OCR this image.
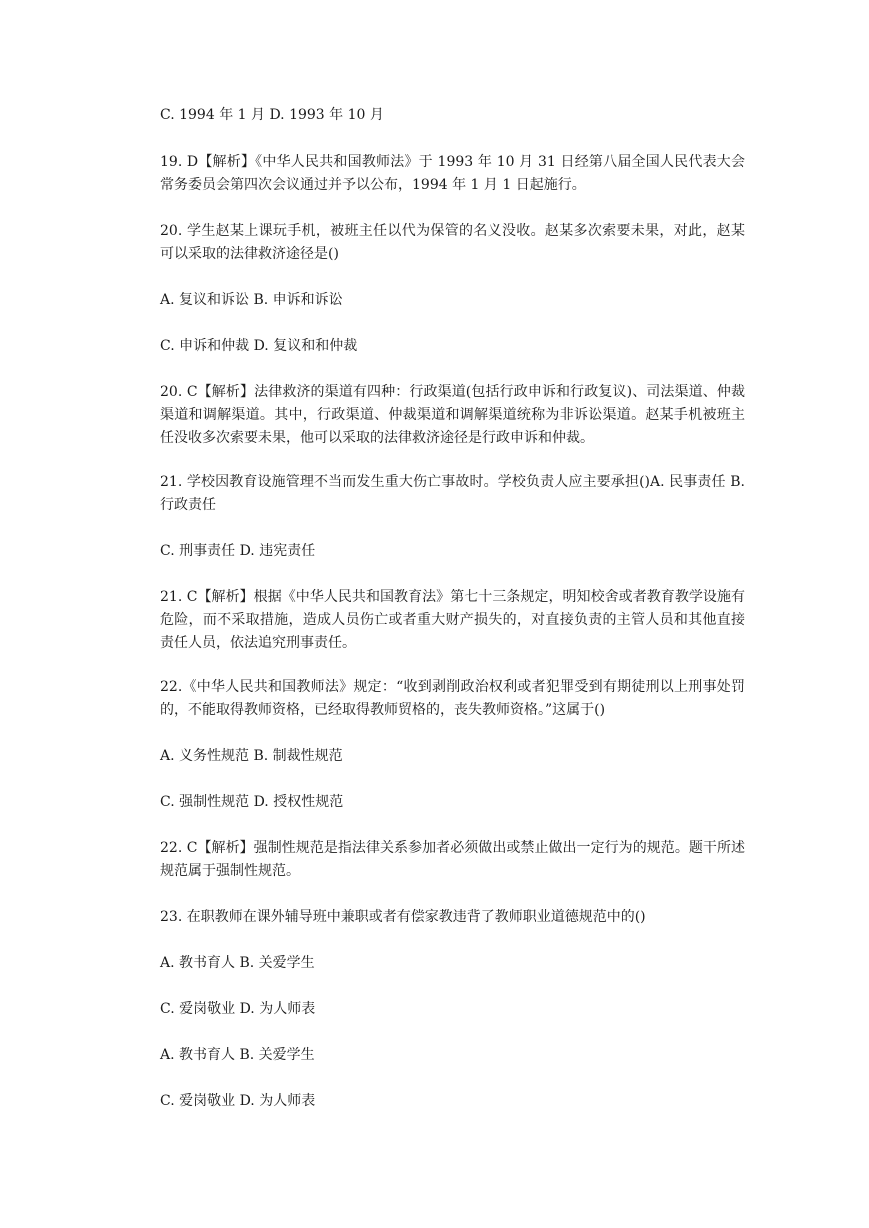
C. 1994 年 1 月 D. 1993 年 10 月

19. D【解析】《中华人民共和国教师法》于 1993 年 10 月 31 日经第八届全国人民代表大会常务委员会第四次会议通过并予以公布，1994 年 1 月 1 日起施行。

20. 学生赵某上课玩手机，被班主任以代为保管的名义没收。赵某多次索要未果，对此，赵某可以采取的法律救济途径是()

A. 复议和诉讼 B. 申诉和诉讼

C. 申诉和仲裁 D. 复议和和仲裁

20. C【解析】法律救济的渠道有四种：行政渠道(包括行政申诉和行政复议)、司法渠道、仲裁渠道和调解渠道。其中，行政渠道、仲裁渠道和调解渠道统称为非诉讼渠道。赵某手机被班主任没收多次索要未果，他可以采取的法律救济途径是行政申诉和仲裁。

21. 学校因教育设施管理不当而发生重大伤亡事故时。学校负责人应主要承担()A. 民事责任 B. 行政责任

C. 刑事责任 D. 违宪责任

21. C【解析】根据《中华人民共和国教育法》第七十三条规定，明知校舍或者教育教学设施有危险，而不采取措施，造成人员伤亡或者重大财产损失的，对直接负责的主管人员和其他直接责任人员，依法追究刑事责任。

22.《中华人民共和国教师法》规定：“收到剥削政治权利或者犯罪受到有期徒刑以上刑事处罚的，不能取得教师资格，已经取得教师贸格的，丧失教师资格。”这属于()

A. 义务性规范 B. 制裁性规范

C. 强制性规范 D. 授权性规范

22. C【解析】强制性规范是指法律关系参加者必须做出或禁止做出一定行为的规范。题干所述规范属于强制性规范。

23. 在职教师在课外辅导班中兼职或者有偿家教违背了教师职业道德规范中的()

A. 教书育人 B. 关爱学生

C. 爱岗敬业 D. 为人师表

A. 教书育人 B. 关爱学生

C. 爱岗敬业 D. 为人师表
